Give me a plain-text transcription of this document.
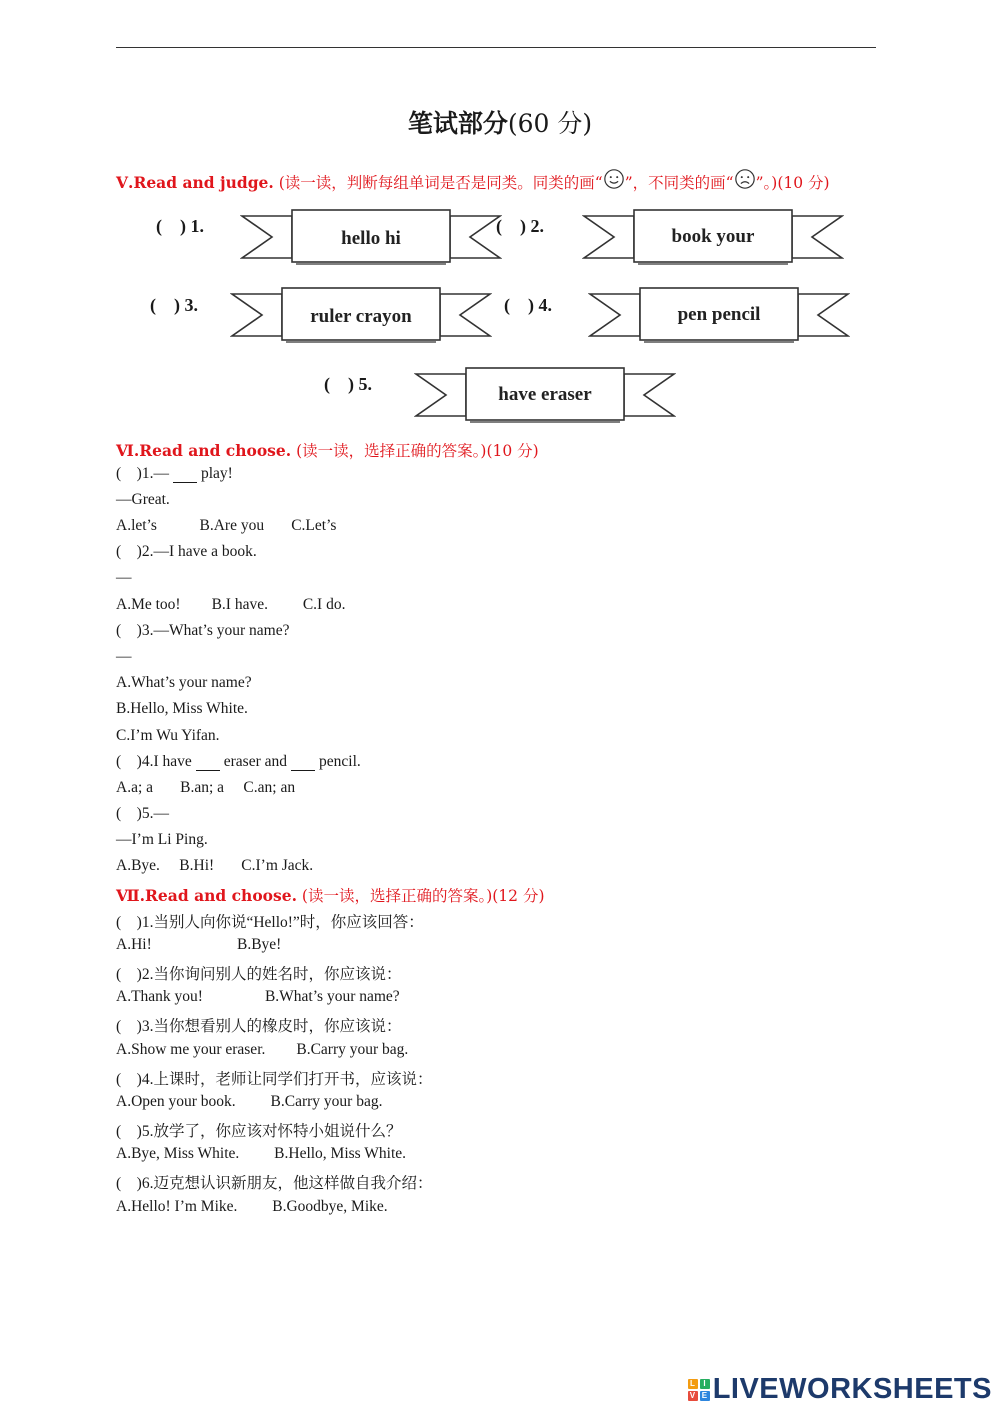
笔试部分(60 分)
Ⅴ.Read and judge. (读一读，判断每组单词是否是同类。同类的画“ ”，不同类的画“ ”。)(10 分)
(    ) 1.	(    ) 2.
(    ) 3.	(    ) 4.
(    ) 5.
hello hi	book your
ruler crayon	pen pencil
have eraser
Ⅵ.Read and choose. (读一读，选择正确的答案。)(10 分)
(    )1.— play!
—Great.
A.let’s           B.Are you       C.Let’s
(    )2.—I have a book.
—
A.Me too!        B.I have.         C.I do.
(    )3.—What’s your name?
—
A.What’s your name?
B.Hello, Miss White.
C.I’m Wu Yifan.
(    )4.I have eraser and pencil.
A.a; a       B.an; a     C.an; an
(    )5.—
—I’m Li Ping.
A.Bye.     B.Hi!       C.I’m Jack.
Ⅶ.Read and choose. (读一读，选择正确的答案。)(12 分)
(    )1.当别人向你说“Hello!”时，你应该回答：
A.Hi!                      B.Bye!
(    )2.当你询问别人的姓名时，你应该说：
A.Thank you!                B.What’s your name?
(    )3.当你想看别人的橡皮时，你应该说：
A.Show me your eraser.        B.Carry your bag.
(    )4.上课时，老师让同学们打开书，应该说：
A.Open your book.         B.Carry your bag.
(    )5.放学了，你应该对怀特小姐说什么？
A.Bye, Miss White.         B.Hello, Miss White.
(    )6.迈克想认识新朋友，他这样做自我介绍：
A.Hello! I’m Mike.         B.Goodbye, Mike.
L I
V E LIVEWORKSHEETS
